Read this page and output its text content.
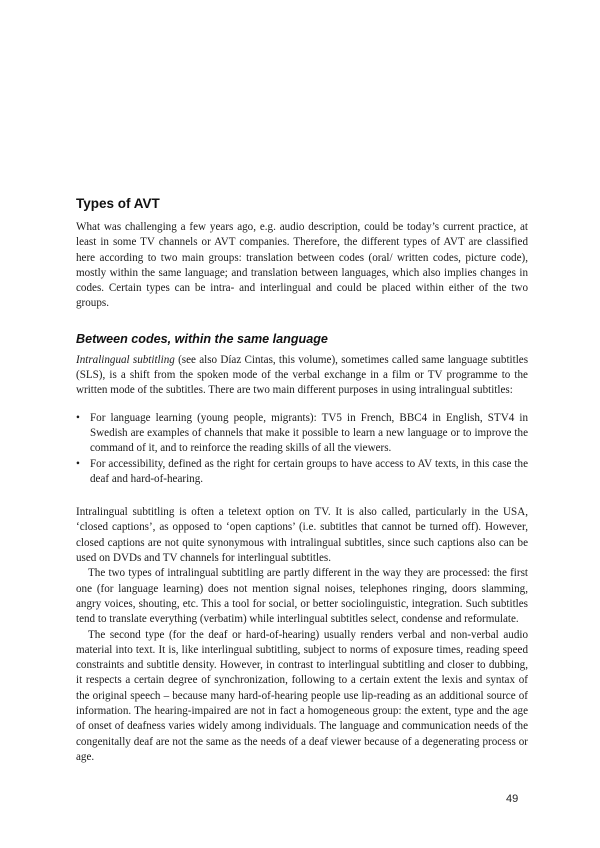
Types of AVT

What was challenging a few years ago, e.g. audio description, could be today’s current practice, at least in some TV channels or AVT companies. Therefore, the different types of AVT are classified here according to two main groups: translation between codes (oral/ written codes, picture code), mostly within the same language; and translation between languages, which also implies changes in codes. Certain types can be intra- and interlingual and could be placed within either of the two groups.

Between codes, within the same language

Intralingual subtitling (see also Díaz Cintas, this volume), sometimes called same language subtitles (SLS), is a shift from the spoken mode of the verbal exchange in a film or TV programme to the written mode of the subtitles. There are two main different purposes in using intralingual subtitles:

• For language learning (young people, migrants): TV5 in French, BBC4 in English, STV4 in Swedish are examples of channels that make it possible to learn a new language or to improve the command of it, and to reinforce the reading skills of all the viewers.
• For accessibility, defined as the right for certain groups to have access to AV texts, in this case the deaf and hard-of-hearing.

Intralingual subtitling is often a teletext option on TV. It is also called, particularly in the USA, ‘closed captions’, as opposed to ‘open captions’ (i.e. subtitles that cannot be turned off). However, closed captions are not quite synonymous with intralingual subtitles, since such captions also can be used on DVDs and TV channels for interlingual subtitles.

The two types of intralingual subtitling are partly different in the way they are processed: the first one (for language learning) does not mention signal noises, telephones ringing, doors slamming, angry voices, shouting, etc. This a tool for social, or better sociolinguistic, integration. Such subtitles tend to translate everything (verbatim) while interlingual subtitles select, condense and reformulate.

The second type (for the deaf or hard-of-hearing) usually renders verbal and non-verbal audio material into text. It is, like interlingual subtitling, subject to norms of exposure times, reading speed constraints and subtitle density. However, in contrast to interlingual subtitling and closer to dubbing, it respects a certain degree of synchronization, following to a certain extent the lexis and syntax of the original speech – because many hard-of-hearing people use lip-reading as an additional source of information. The hearing-impaired are not in fact a homogeneous group: the extent, type and the age of onset of deafness varies widely among individuals. The language and communication needs of the congenitally deaf are not the same as the needs of a deaf viewer because of a degenerating process or age.

49
